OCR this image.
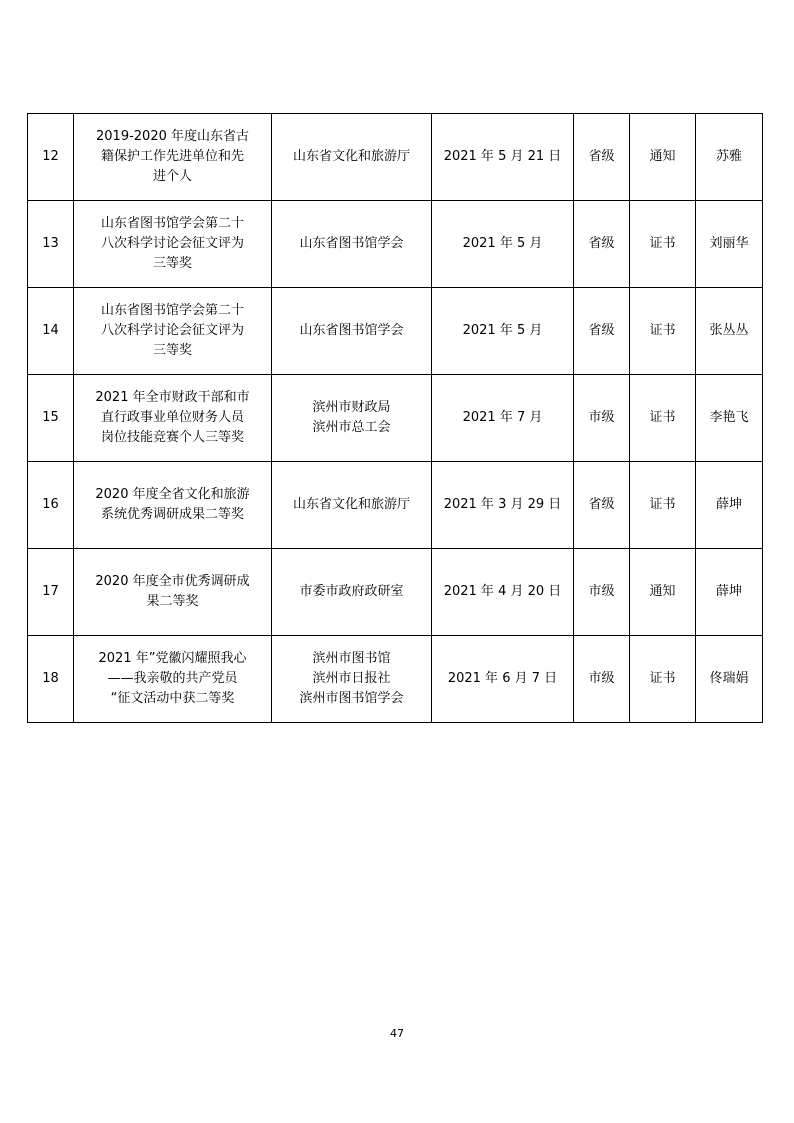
12	2019-2020 年度山东省古
籍保护工作先进单位和先
进个人	山东省文化和旅游厅	2021 年 5 月 21 日	省级	通知	苏雅
13	山东省图书馆学会第二十
八次科学讨论会征文评为
三等奖	山东省图书馆学会	2021 年 5 月	省级	证书	刘丽华
14	山东省图书馆学会第二十
八次科学讨论会征文评为
三等奖	山东省图书馆学会	2021 年 5 月	省级	证书	张丛丛
15	2021 年全市财政干部和市
直行政事业单位财务人员
岗位技能竞赛个人三等奖	滨州市财政局
滨州市总工会	2021 年 7 月	市级	证书	李艳飞
16	2020 年度全省文化和旅游
系统优秀调研成果二等奖	山东省文化和旅游厅	2021 年 3 月 29 日	省级	证书	薛坤
17	2020 年度全市优秀调研成
果二等奖	市委市政府政研室	2021 年 4 月 20 日	市级	通知	薛坤
18	2021 年”党徽闪耀照我心
——我亲敬的共产党员
“征文活动中获二等奖	滨州市图书馆
滨州市日报社
滨州市图书馆学会	2021 年 6 月 7 日	市级	证书	佟瑞娟
47
